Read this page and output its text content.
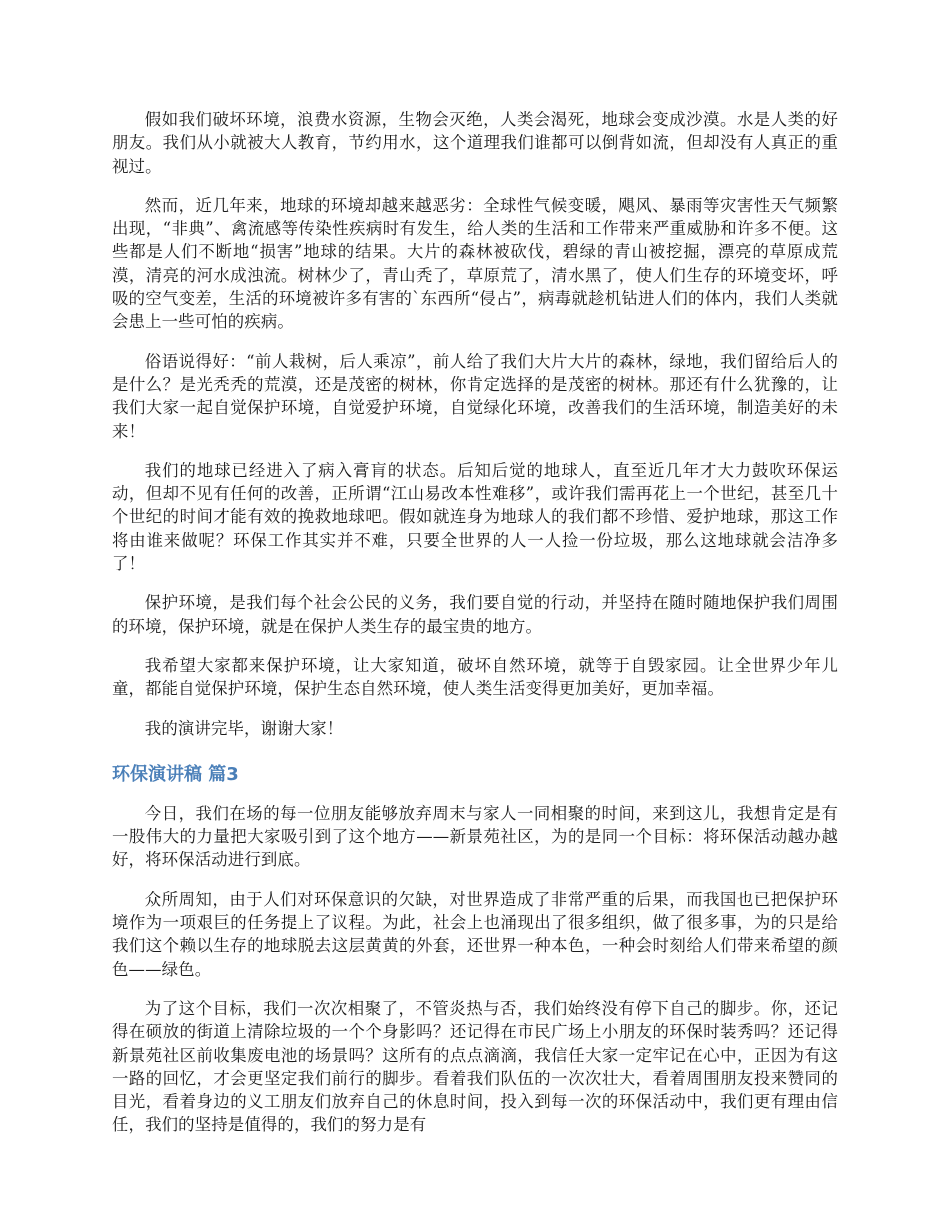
假如我们破坏环境，浪费水资源，生物会灭绝，人类会渴死，地球会变成沙漠。水是人类的好朋友。我们从小就被大人教育，节约用水，这个道理我们谁都可以倒背如流，但却没有人真正的重视过。

然而，近几年来，地球的环境却越来越恶劣：全球性气候变暖，飓风、暴雨等灾害性天气频繁出现，“非典”、禽流感等传染性疾病时有发生，给人类的生活和工作带来严重威胁和许多不便。这些都是人们不断地“损害”地球的结果。大片的森林被砍伐，碧绿的青山被挖掘，漂亮的草原成荒漠，清亮的河水成浊流。树林少了，青山秃了，草原荒了，清水黑了，使人们生存的环境变坏，呼吸的空气变差，生活的环境被许多有害的`东西所“侵占”，病毒就趁机钻进人们的体内，我们人类就会患上一些可怕的疾病。

俗语说得好：“前人栽树，后人乘凉”，前人给了我们大片大片的森林，绿地，我们留给后人的是什么？是光秃秃的荒漠，还是茂密的树林，你肯定选择的是茂密的树林。那还有什么犹豫的，让我们大家一起自觉保护环境，自觉爱护环境，自觉绿化环境，改善我们的生活环境，制造美好的未来！

我们的地球已经进入了病入膏肓的状态。后知后觉的地球人，直至近几年才大力鼓吹环保运动，但却不见有任何的改善，正所谓“江山易改本性难移”，或许我们需再花上一个世纪，甚至几十个世纪的时间才能有效的挽救地球吧。假如就连身为地球人的我们都不珍惜、爱护地球，那这工作将由谁来做呢？环保工作其实并不难，只要全世界的人一人捡一份垃圾，那么这地球就会洁净多了！

保护环境，是我们每个社会公民的义务，我们要自觉的行动，并坚持在随时随地保护我们周围的环境，保护环境，就是在保护人类生存的最宝贵的地方。

我希望大家都来保护环境，让大家知道，破坏自然环境，就等于自毁家园。让全世界少年儿童，都能自觉保护环境，保护生态自然环境，使人类生活变得更加美好，更加幸福。

我的演讲完毕，谢谢大家！

环保演讲稿 篇3

今日，我们在场的每一位朋友能够放弃周末与家人一同相聚的时间，来到这儿，我想肯定是有一股伟大的力量把大家吸引到了这个地方——新景苑社区，为的是同一个目标：将环保活动越办越好，将环保活动进行到底。

众所周知，由于人们对环保意识的欠缺，对世界造成了非常严重的后果，而我国也已把保护环境作为一项艰巨的任务提上了议程。为此，社会上也涌现出了很多组织，做了很多事，为的只是给我们这个赖以生存的地球脱去这层黄黄的外套，还世界一种本色，一种会时刻给人们带来希望的颜色——绿色。

为了这个目标，我们一次次相聚了，不管炎热与否，我们始终没有停下自己的脚步。你，还记得在硕放的街道上清除垃圾的一个个身影吗？还记得在市民广场上小朋友的环保时装秀吗？还记得新景苑社区前收集废电池的场景吗？这所有的点点滴滴，我信任大家一定牢记在心中，正因为有这一路的回忆，才会更坚定我们前行的脚步。看着我们队伍的一次次壮大，看着周围朋友投来赞同的目光，看着身边的义工朋友们放弃自己的休息时间，投入到每一次的环保活动中，我们更有理由信任，我们的坚持是值得的，我们的努力是有
